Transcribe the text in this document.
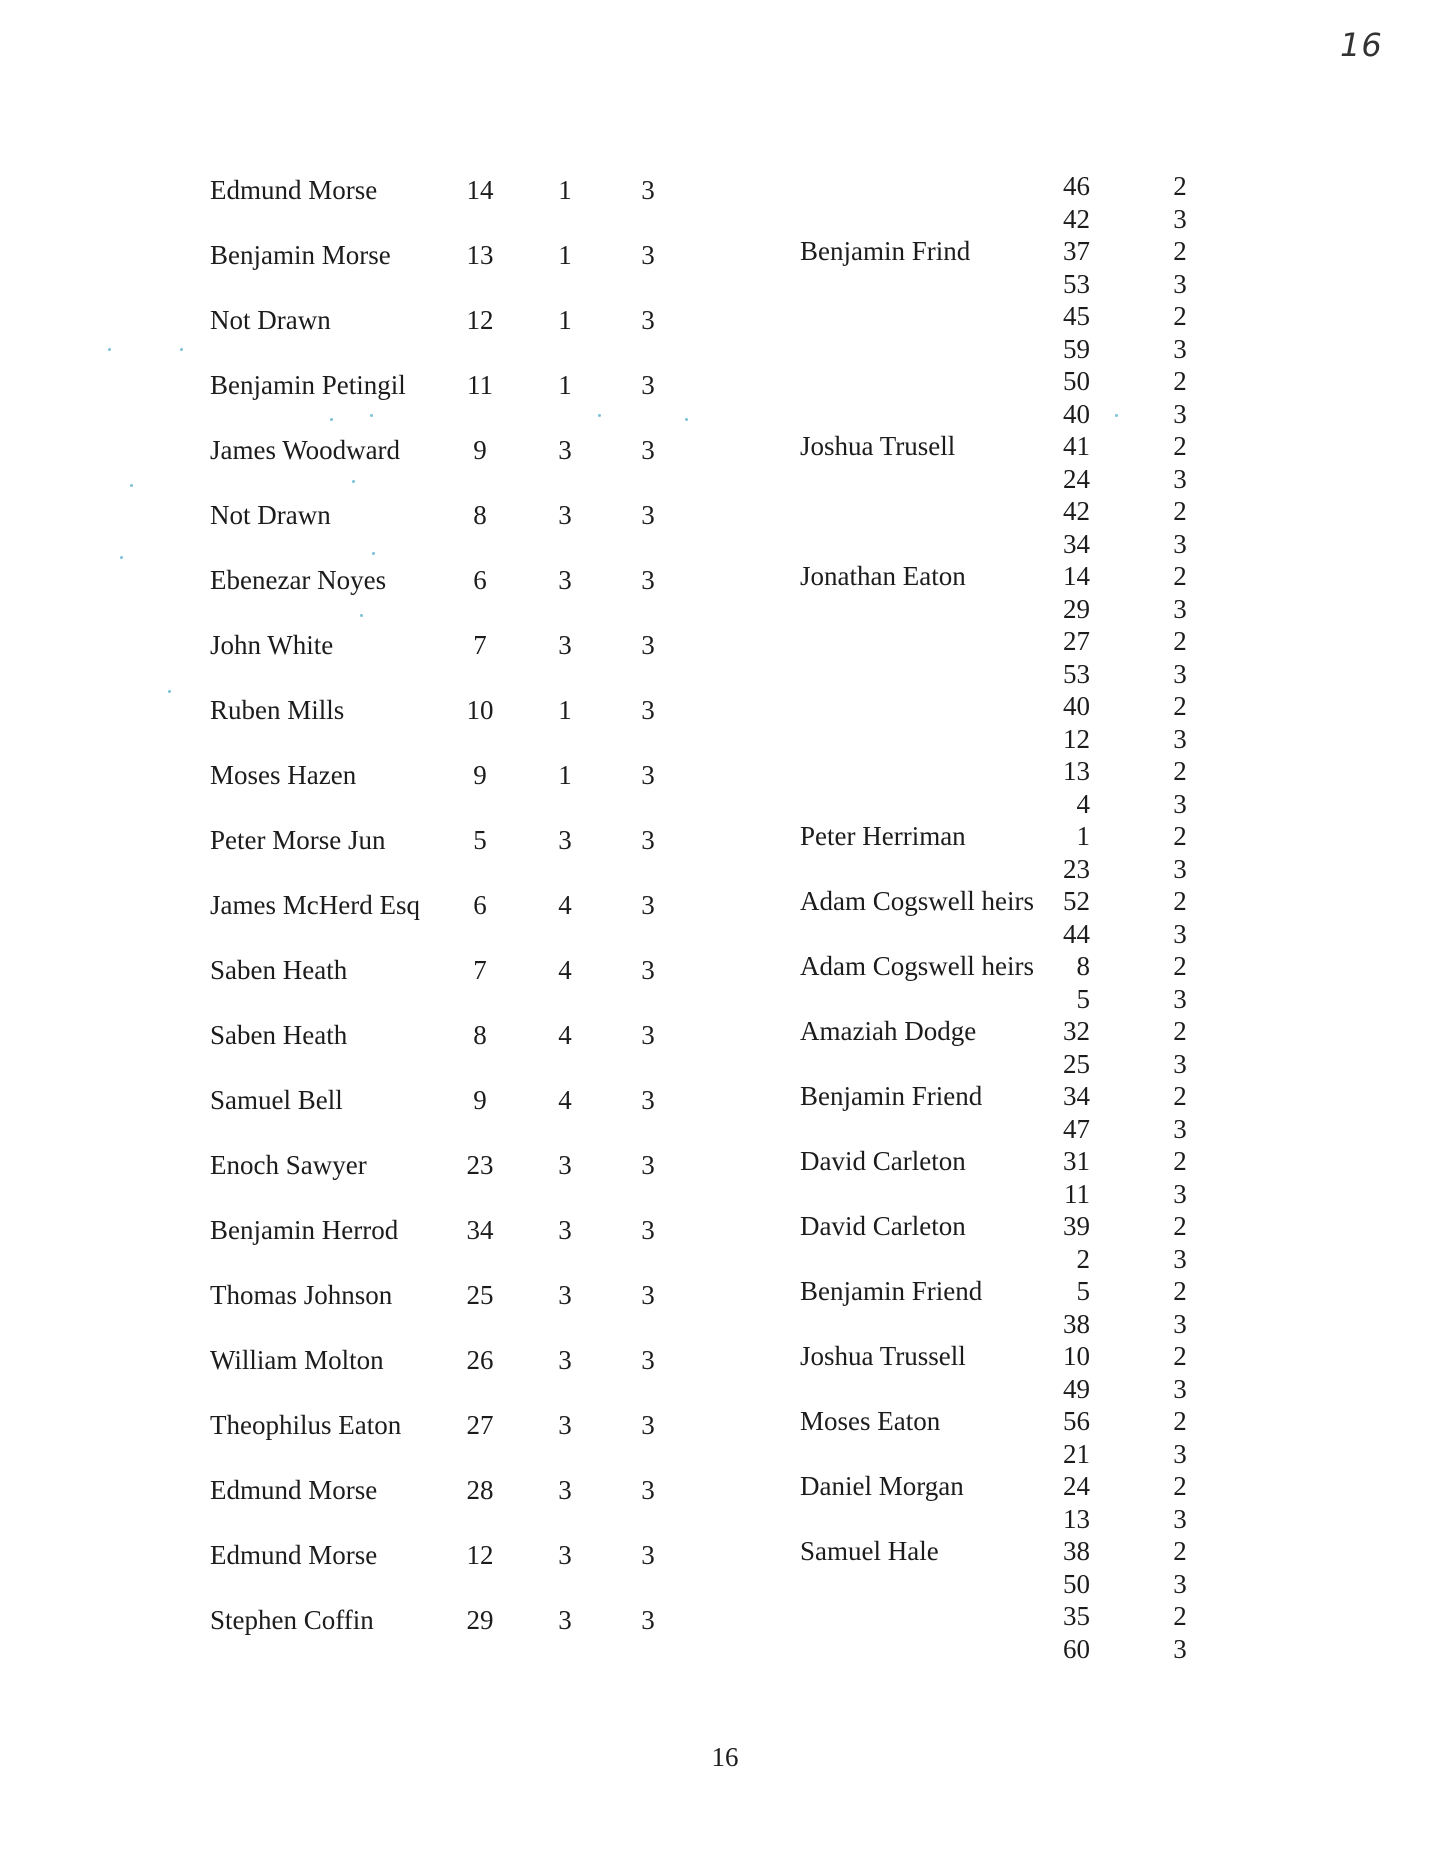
16
Edmund Morse	14	1	3
Benjamin Morse	13	1	3
Not Drawn	12	1	3
Benjamin Petingil 11	1	3
James Woodward	9	3	3
Not Drawn	8	3	3
Ebenezar Noyes	6	3	3
John White	7	3	3
Ruben Mills	10	1	3
Moses Hazen	9	1	3
Peter Morse Jun	5	3	3
James McHerd Esq	6	4	3
Saben Heath	7	4	3
Saben Heath	8	4	3
Samuel Bell	9	4	3
Enoch Sawyer	23	3	3
Benjamin Herrod	34	3	3
Thomas Johnson	25	3	3
William Molton	26	3	3
Theophilus Eaton 27	3	3
Edmund Morse	28	3	3
Edmund Morse	12	3	3
Stephen Coffin	29	3	3
46	2
42	3
Benjamin Frind	37	2
53	3
45	2
59	3
50	2
40	3
Joshua Trusell	41	2
24	3
42	2
34	3
Jonathan Eaton	14	2
29	3
27	2
53	3
40	2
12	3
13	2
4	3
Peter Herriman	1	2
23	3
Adam Cogswell heirs	52	2
44	3
Adam Cogswell heirs	8	2
5	3
Amaziah Dodge	32	2
25	3
Benjamin Friend	34	2
47	3
David Carleton	31	2
11	3
David Carleton	39	2
2	3
Benjamin Friend	5	2
38	3
Joshua Trussell	10	2
49	3
Moses Eaton	56	2
21	3
Daniel Morgan	24	2
13	3
Samuel Hale	38	2
50	3
35	2
60	3
16
